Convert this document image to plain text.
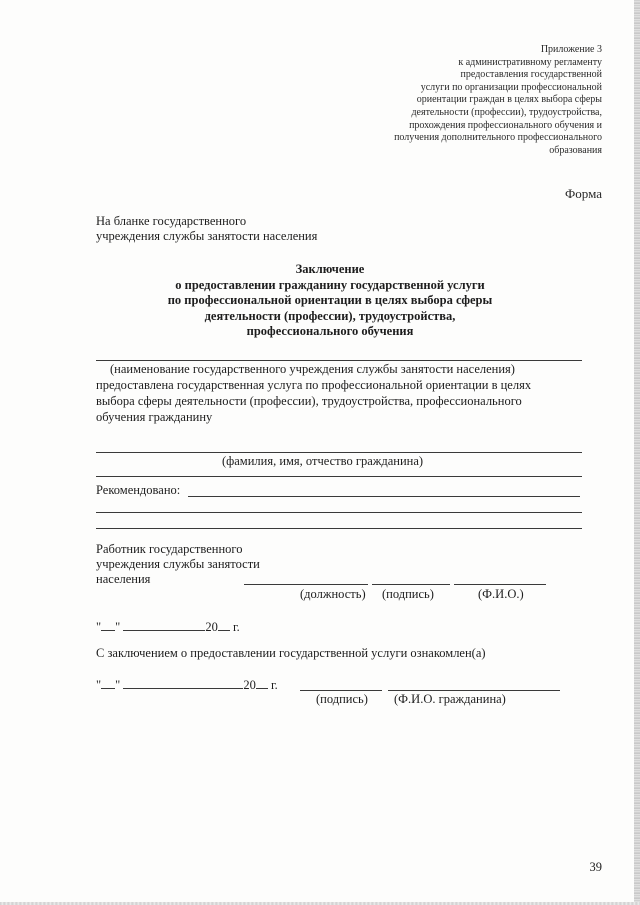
Приложение 3
к административному регламенту
предоставления государственной
услуги по организации профессиональной
ориентации граждан в целях выбора сферы
деятельности (профессии), трудоустройства,
прохождения профессионального обучения и
получения дополнительного профессионального
образования
Форма
На бланке государственного
учреждения службы занятости населения
Заключение
о предоставлении гражданину государственной услуги
по профессиональной ориентации в целях выбора сферы
деятельности (профессии), трудоустройства,
профессионального обучения
(наименование государственного учреждения службы занятости населения)
предоставлена государственная услуга по профессиональной ориентации в целях
выбора сферы деятельности (профессии), трудоустройства, профессионального
обучения гражданину
(фамилия, имя, отчество гражданина)
Рекомендовано:
Работник государственного
учреждения службы занятости
населения
(должность) (подпись)	(Ф.И.О.)
" "	20 г.
С заключением о предоставлении государственной услуги ознакомлен(а)
" "	20 г.
(подпись) (Ф.И.О. гражданина)
39
